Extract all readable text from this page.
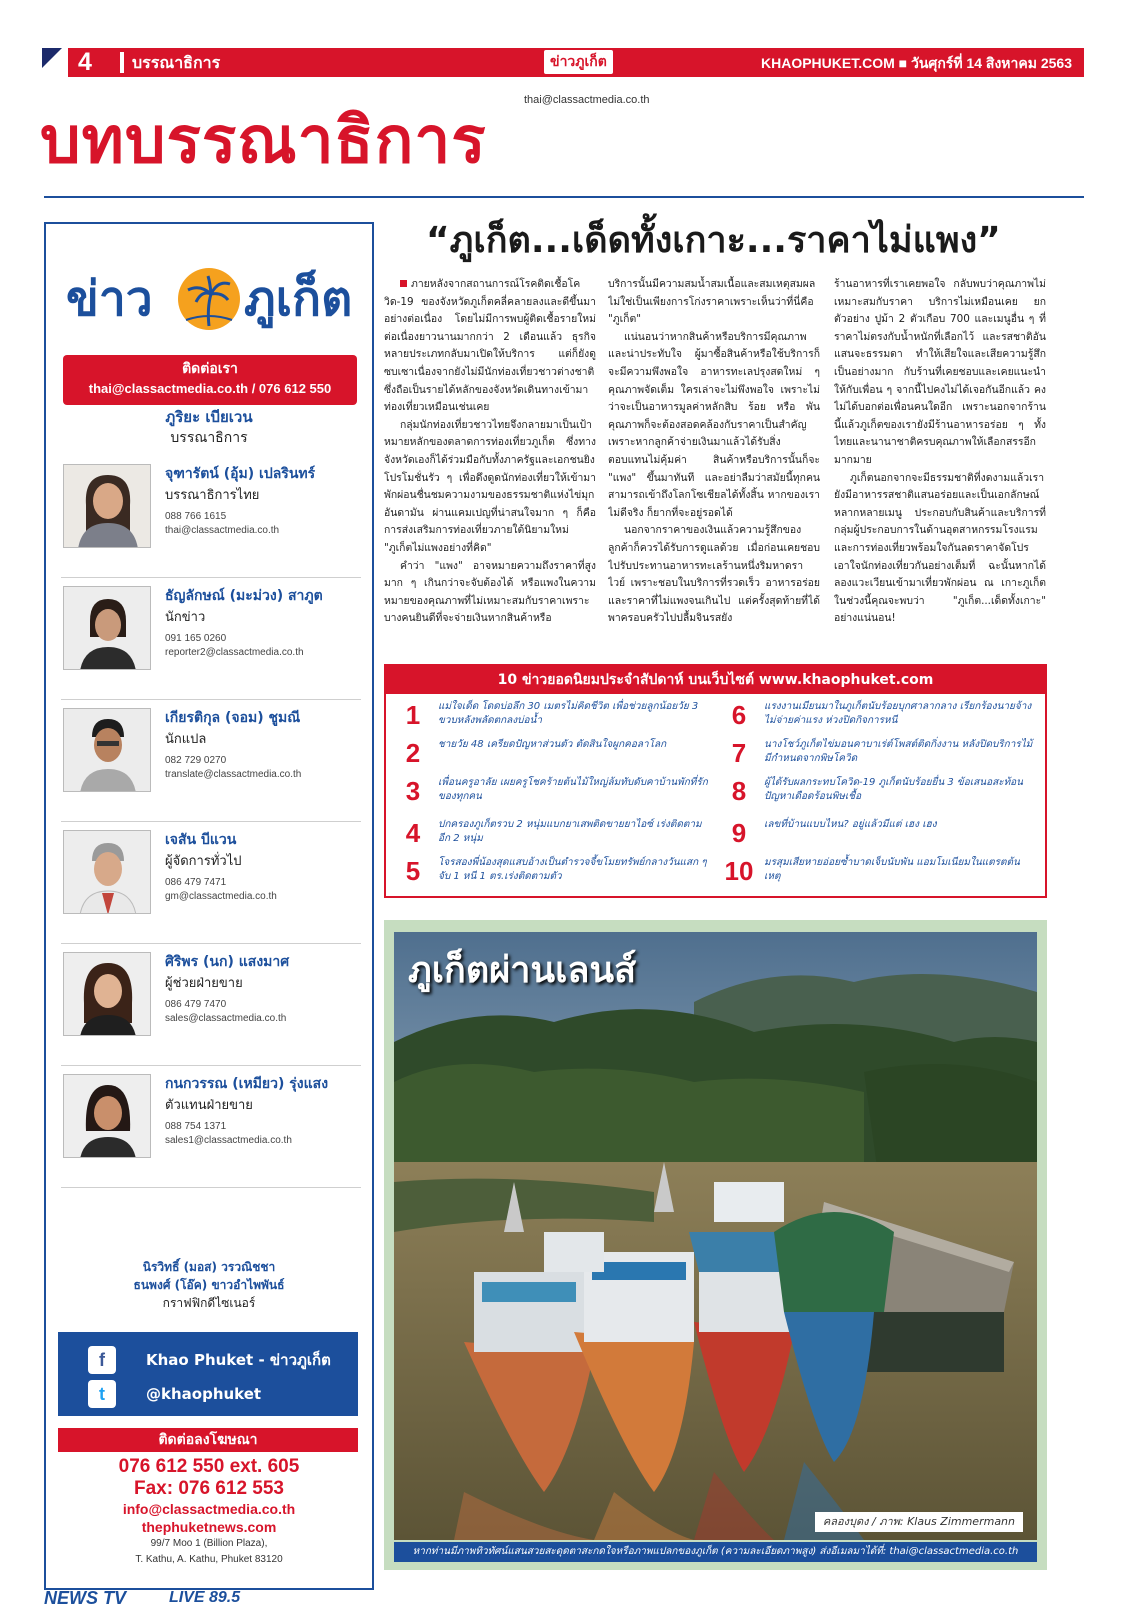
4	บรรณาธิการ	ข่าวภูเก็ต	KHAOPHUKET.COM ■ วันศุกร์ที่ 14 สิงหาคม 2563
thai@classactmedia.co.th
บทบรรณาธิการ
ข่าว ภูเก็ต
ติดต่อเรา
thai@classactmedia.co.th / 076 612 550
ภูริยะ เบียเวน
บรรณาธิการ
จุฑารัตน์ (อุ้ม) เปลรินทร์
บรรณาธิการไทย
088 766 1615
thai@classactmedia.co.th
ธัญลักษณ์ (มะม่วง) สาภูต
นักข่าว
091 165 0260
reporter2@classactmedia.co.th
เกียรติกุล (จอม) ชูมณี
นักแปล
082 729 0270
translate@classactmedia.co.th
เจสัน บีแวน
ผู้จัดการทั่วไป
086 479 7471
gm@classactmedia.co.th
ศิริพร (นก) แสงมาศ
ผู้ช่วยฝ่ายขาย
086 479 7470
sales@classactmedia.co.th
กนกวรรณ (เหมียว) รุ่งแสง
ตัวแทนฝ่ายขาย
088 754 1371
sales1@classactmedia.co.th
นิรวิทธิ์ (มอส) วรวณิชชา
ธนพงศ์ (โอ๊ค) ขาวอำไพพันธ์
กราฟฟิกดีไซเนอร์
f	Khao Phuket - ข่าวภูเก็ต
t	@khaophuket
ติดต่อลงโฆษณา
076 612 550 ext. 605
Fax: 076 612 553
info@classactmedia.co.th
thephuketnews.com
99/7 Moo 1 (Billion Plaza),
T. Kathu, A. Kathu, Phuket 83120
“ภูเก็ต...เด็ดทั้งเกาะ...ราคาไม่แพง”

ภายหลังจากสถานการณ์โรคติดเชื้อโควิด-19 ของจังหวัดภูเก็ตคลี่คลายลงและดีขึ้นมาอย่างต่อเนื่อง โดยไม่มีการพบผู้ติดเชื้อรายใหม่ต่อเนื่องยาวนานมากกว่า 2 เดือนแล้ว ธุรกิจหลายประเภทกลับมาเปิดให้บริการ แต่ก็ยังดูซบเซาเนื่องจากยังไม่มีนักท่องเที่ยวชาวต่างชาติซึ่งถือเป็นรายได้หลักของจังหวัดเดินทางเข้ามาท่องเที่ยวเหมือนเช่นเคย

กลุ่มนักท่องเที่ยวชาวไทยจึงกลายมาเป็นเป้าหมายหลักของตลาดการท่องเที่ยวภูเก็ต ซึ่งทางจังหวัดเองก็ได้ร่วมมือกับทั้งภาครัฐและเอกชนยิงโปรโมชั่นรัว ๆ เพื่อดึงดูดนักท่องเที่ยวให้เข้ามาพักผ่อนชื่นชมความงามของธรรมชาติแห่งไข่มุกอันดามัน ผ่านแคมเปญที่น่าสนใจมาก ๆ ก็คือการส่งเสริมการท่องเที่ยวภายใต้นิยามใหม่ "ภูเก็ตไม่แพงอย่างที่คิด"

คำว่า "แพง" อาจหมายความถึงราคาที่สูงมาก ๆ เกินกว่าจะจับต้องได้ หรือแพงในความหมายของคุณภาพที่ไม่เหมาะสมกับราคาเพราะบางคนยินดีที่จะจ่ายเงินหากสินค้าหรือ

บริการนั้นมีความสมน้ำสมเนื้อและสมเหตุสมผล ไม่ใช่เป็นเพียงการโก่งราคาเพราะเห็นว่าที่นี่คือ "ภูเก็ต"

แน่นอนว่าหากสินค้าหรือบริการมีคุณภาพและน่าประทับใจ ผู้มาซื้อสินค้าหรือใช้บริการก็จะมีความพึงพอใจ อาหารทะเลปรุงสดใหม่ ๆ คุณภาพจัดเต็ม ใครเล่าจะไม่พึงพอใจ เพราะไม่ว่าจะเป็นอาหารมูลค่าหลักสิบ ร้อย หรือ พัน คุณภาพก็จะต้องสอดคล้องกับราคาเป็นสำคัญ เพราะหากลูกค้าจ่ายเงินมาแล้วได้รับสิ่งตอบแทนไม่คุ้มค่า สินค้าหรือบริการนั้นก็จะ "แพง" ขึ้นมาทันที และอย่าลืมว่าสมัยนี้ทุกคนสามารถเข้าถึงโลกโซเชียลได้ทั้งสิ้น หากของเราไม่ดีจริง ก็ยากที่จะอยู่รอดได้

นอกจากราคาของเงินแล้วความรู้สึกของลูกค้าก็ควรได้รับการดูแลด้วย เมื่อก่อนเคยชอบไปรับประทานอาหารทะเลร้านหนึ่งริมหาดราไวย์ เพราะชอบในบริการที่รวดเร็ว อาหารอร่อย และราคาที่ไม่แพงจนเกินไป แต่ครั้งสุดท้ายที่ได้พาครอบครัวไปปลื้มจินรสยัง

ร้านอาหารที่เราเคยพอใจ กลับพบว่าคุณภาพไม่เหมาะสมกับราคา บริการไม่เหมือนเคย ยกตัวอย่าง ปูม้า 2 ตัวเกือบ 700 และเมนูอื่น ๆ ที่ราคาไม่ตรงกับน้ำหนักที่เลือกไว้ และรสชาติอันแสนจะธรรมดา ทำให้เสียใจและเสียความรู้สึกเป็นอย่างมาก กับร้านที่เคยชอบและเคยแนะนำให้กับเพื่อน ๆ จากนี้ไปคงไม่ได้เจอกันอีกแล้ว คงไม่ได้บอกต่อเพื่อนคนใดอีก เพราะนอกจากร้านนี้แล้วภูเก็ตของเรายังมีร้านอาหารอร่อย ๆ ทั้งไทยและนานาชาติครบคุณภาพให้เลือกสรรอีกมากมาย

ภูเก็ตนอกจากจะมีธรรมชาติที่งดงามแล้วเรายังมีอาหารรสชาติแสนอร่อยและเป็นเอกลักษณ์หลากหลายเมนู ประกอบกับสินค้าและบริการที่กลุ่มผู้ประกอบการในด้านอุตสาหกรรมโรงแรมและการท่องเที่ยวพร้อมใจกันลดราคาจัดโปรเอาใจนักท่องเที่ยวกันอย่างเต็มที่ ฉะนั้นหากได้ลองแวะเวียนเข้ามาเที่ยวพักผ่อน ณ เกาะภูเก็ตในช่วงนี้คุณจะพบว่า "ภูเก็ต...เด็ดทั้งเกาะ" อย่างแน่นอน!

10 ข่าวยอดนิยมประจำสัปดาห์ บนเว็บไซต์ www.khaophuket.com
1	แม่ใจเด็ด โดดบ่อลึก 30 เมตรไม่คิดชีวิต เพื่อช่วยลูกน้อยวัย 3 ขวบหลังพลัดตกลงบ่อน้ำ
2	ชายวัย 48 เครียดปัญหาส่วนตัว ตัดสินใจผูกคอลาโลก
3	เพื่อนครูอาลัย เผยครูโชคร้ายต้นไม้ใหญ่ล้มทับดับคาบ้านพักที่รักของทุกคน
4	ปกครองภูเก็ตรวบ 2 หนุ่มแบกยาเสพติดขายยาไอซ์ เร่งติดตามอีก 2 หนุ่ม
5	โจรสองพี่น้องสุดแสบอ้างเป็นตำรวจจี้ขโมยทรัพย์กลางวันแสก ๆ จับ 1 หนี 1 ตร.เร่งติดตามตัว
6	แรงงานเมียนมาในภูเก็ตนับร้อยบุกศาลากลาง เรียกร้องนายจ้างไม่จ่ายค่าแรง ห่วงปิดกิจการหนี
7	นางโชว์ภูเก็ตไข่มอนคาบาเร่ต์โพสต์ติดกิ่งงาน หลังปิดบริการไม้มีกำหนดจากพิษโควิด
8	ผู้ได้รับผลกระทบโควิด-19 ภูเก็ตนับร้อยยื่น 3 ข้อเสนอสะท้อนปัญหาเดือดร้อนพิษเชื้อ
9	เลขที่บ้านแบบไหน? อยู่แล้วมีแต่ เฮง เฮง
10 มรสุมเสียหายอ่อยซ้ำบาดเจ็บนับพัน แอมโมเนียมในแตรตต้นเหตุ
ภูเก็ตผ่านเลนส์
คลองบุดง / ภาพ: Klaus Zimmermann
หากท่านมีภาพทิวทัศน์แสนสวยสะดุดตาสะกดใจหรือภาพแปลกของภูเก็ต (ความละเอียดภาพสูง) ส่งอีเมลมาได้ที่: thai@classactmedia.co.th
NEWS TV	LIVE 89.5
